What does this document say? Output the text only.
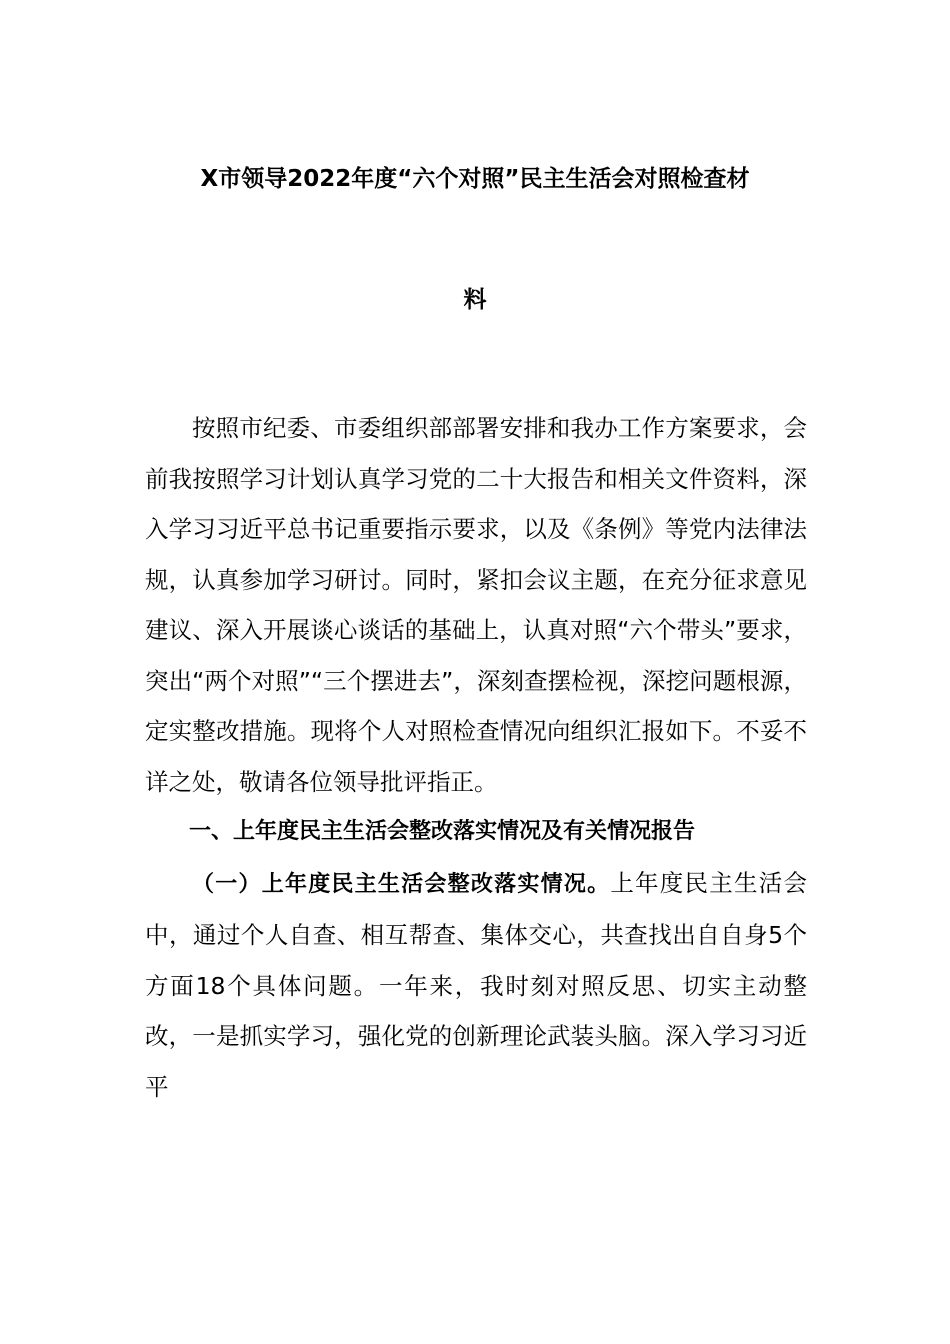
X市领导2022年度“六个对照”民主生活会对照检查材
料

按照市纪委、市委组织部部署安排和我办工作方案要求，会前我按照学习计划认真学习党的二十大报告和相关文件资料，深入学习习近平总书记重要指示要求，以及《条例》等党内法律法规，认真参加学习研讨。同时，紧扣会议主题，在充分征求意见建议、深入开展谈心谈话的基础上，认真对照“六个带头”要求，突出“两个对照”“三个摆进去”，深刻查摆检视，深挖问题根源，定实整改措施。现将个人对照检查情况向组织汇报如下。不妥不详之处，敬请各位领导批评指正。

一、上年度民主生活会整改落实情况及有关情况报告

（一）上年度民主生活会整改落实情况。上年度民主生活会中，通过个人自查、相互帮查、集体交心，共查找出自自身5个方面18个具体问题。一年来，我时刻对照反思、切实主动整改，一是抓实学习，强化党的创新理论武装头脑。深入学习习近平
